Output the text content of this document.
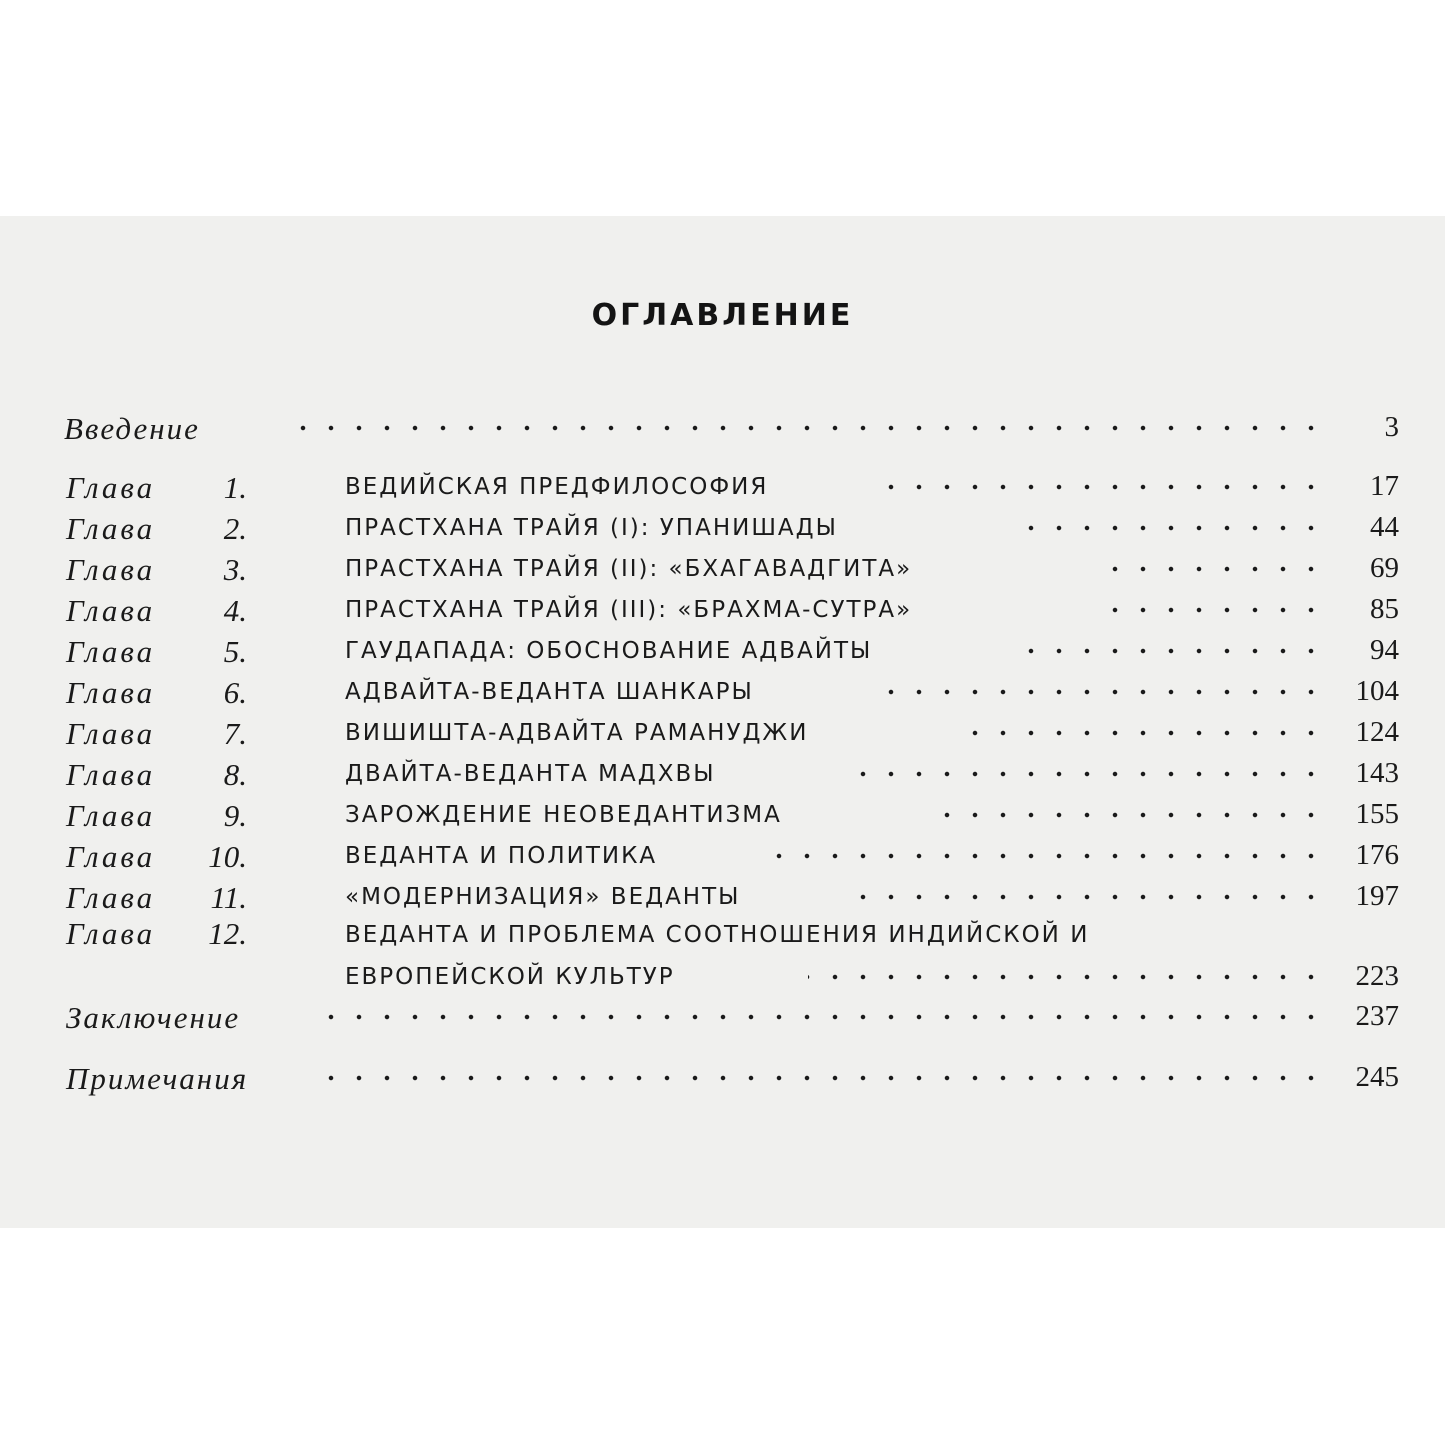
ОГЛАВЛЕНИЕ
Введение	3
Глава 1.	ВЕДИЙСКАЯ ПРЕДФИЛОСОФИЯ	17
Глава 2.	ПРАСТХАНА ТРАЙЯ (I): УПАНИШАДЫ	44
Глава 3.	ПРАСТХАНА ТРАЙЯ (II): «БХАГАВАДГИТА»	69
Глава 4.	ПРАСТХАНА ТРАЙЯ (III): «БРАХМА-СУТРА»	85
Глава 5.	ГАУДАПАДА: ОБОСНОВАНИЕ АДВАЙТЫ	94
Глава 6.	АДВАЙТА-ВЕДАНТА ШАНКАРЫ	104
Глава 7.	ВИШИШТА-АДВАЙТА РАМАНУДЖИ	124
Глава 8.	ДВАЙТА-ВЕДАНТА МАДХВЫ	143
Глава 9.	ЗАРОЖДЕНИЕ НЕОВЕДАНТИЗМА	155
Глава 10.	ВЕДАНТА И ПОЛИТИКА	176
Глава 11.	«МОДЕРНИЗАЦИЯ» ВЕДАНТЫ	197
Глава 12.	ВЕДАНТА И ПРОБЛЕМА СООТНОШЕНИЯ ИНДИЙСКОЙ И
ЕВРОПЕЙСКОЙ КУЛЬТУР	223
Заключение	237
Примечания	245
